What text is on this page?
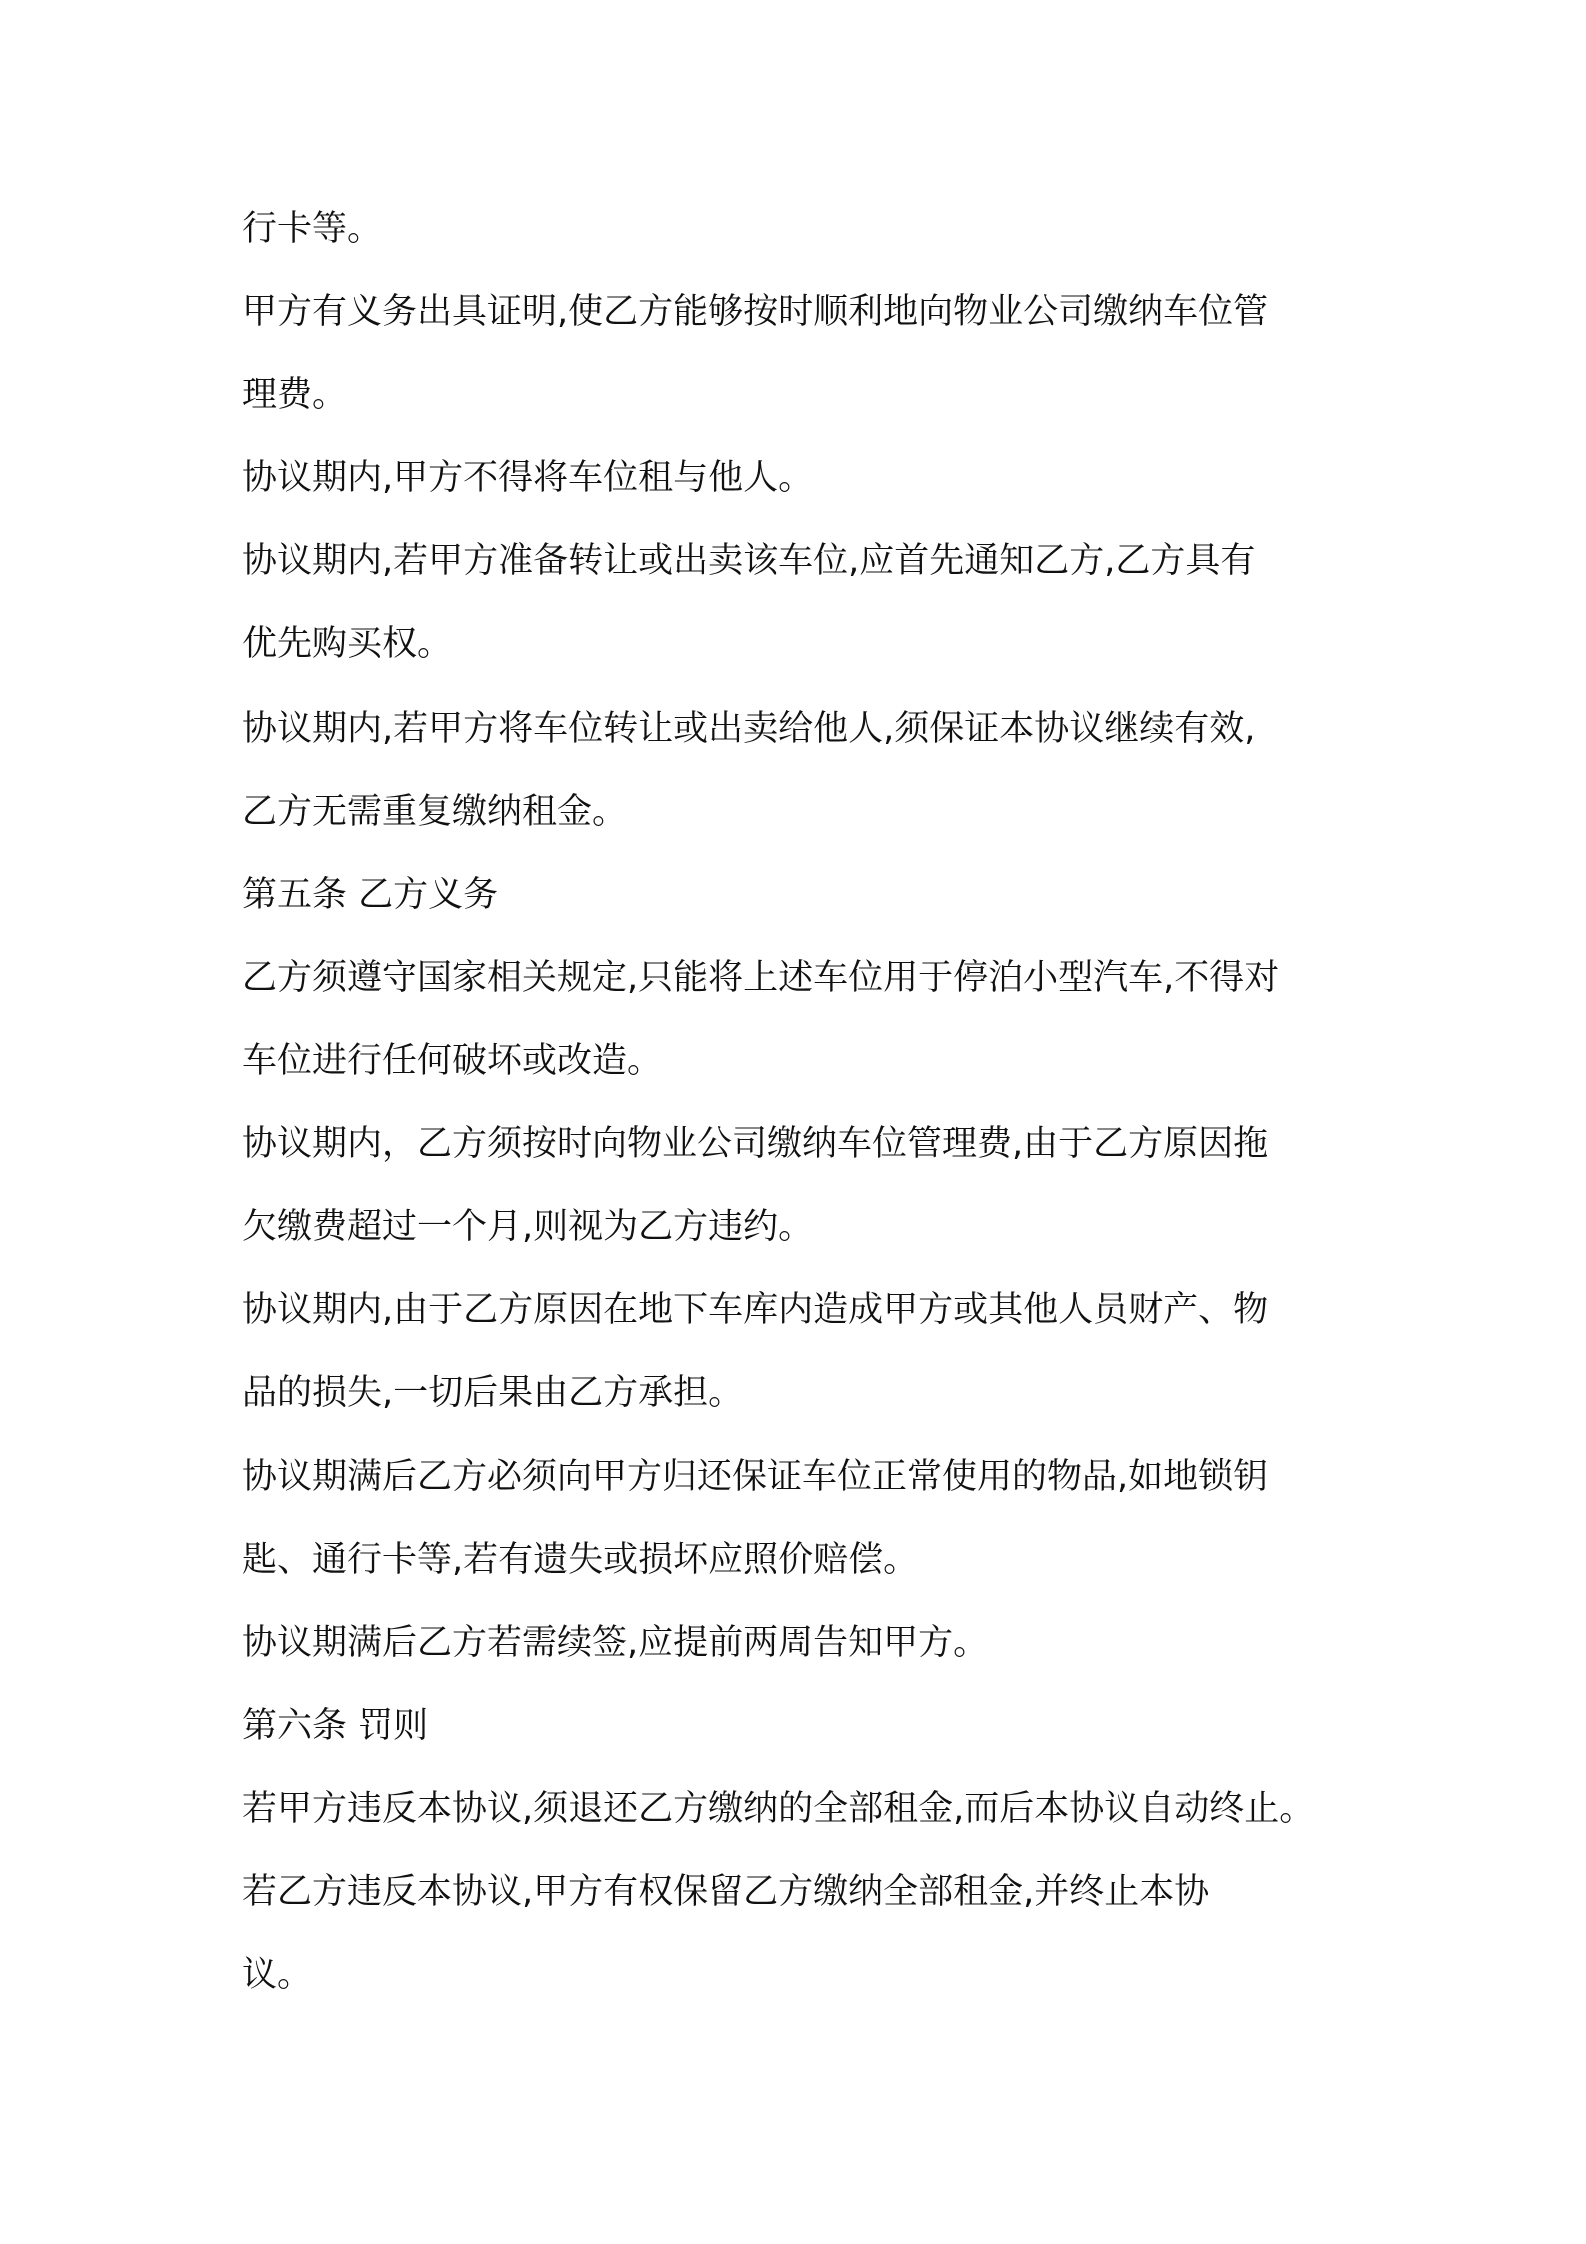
行卡等。

甲方有义务出具证明,使乙方能够按时顺利地向物业公司缴纳车位管

理费。

协议期内,甲方不得将车位租与他人。

协议期内,若甲方准备转让或出卖该车位,应首先通知乙方,乙方具有

优先购买权。

协议期内,若甲方将车位转让或出卖给他人,须保证本协议继续有效,

乙方无需重复缴纳租金。

第五条 乙方义务

乙方须遵守国家相关规定,只能将上述车位用于停泊小型汽车,不得对

车位进行任何破坏或改造。

协议期内，乙方须按时向物业公司缴纳车位管理费,由于乙方原因拖

欠缴费超过一个月,则视为乙方违约。

协议期内,由于乙方原因在地下车库内造成甲方或其他人员财产、物

品的损失,一切后果由乙方承担。

协议期满后乙方必须向甲方归还保证车位正常使用的物品,如地锁钥

匙、通行卡等,若有遗失或损坏应照价赔偿。

协议期满后乙方若需续签,应提前两周告知甲方。

第六条 罚则

若甲方违反本协议,须退还乙方缴纳的全部租金,而后本协议自动终止。

若乙方违反本协议,甲方有权保留乙方缴纳全部租金,并终止本协

议。
